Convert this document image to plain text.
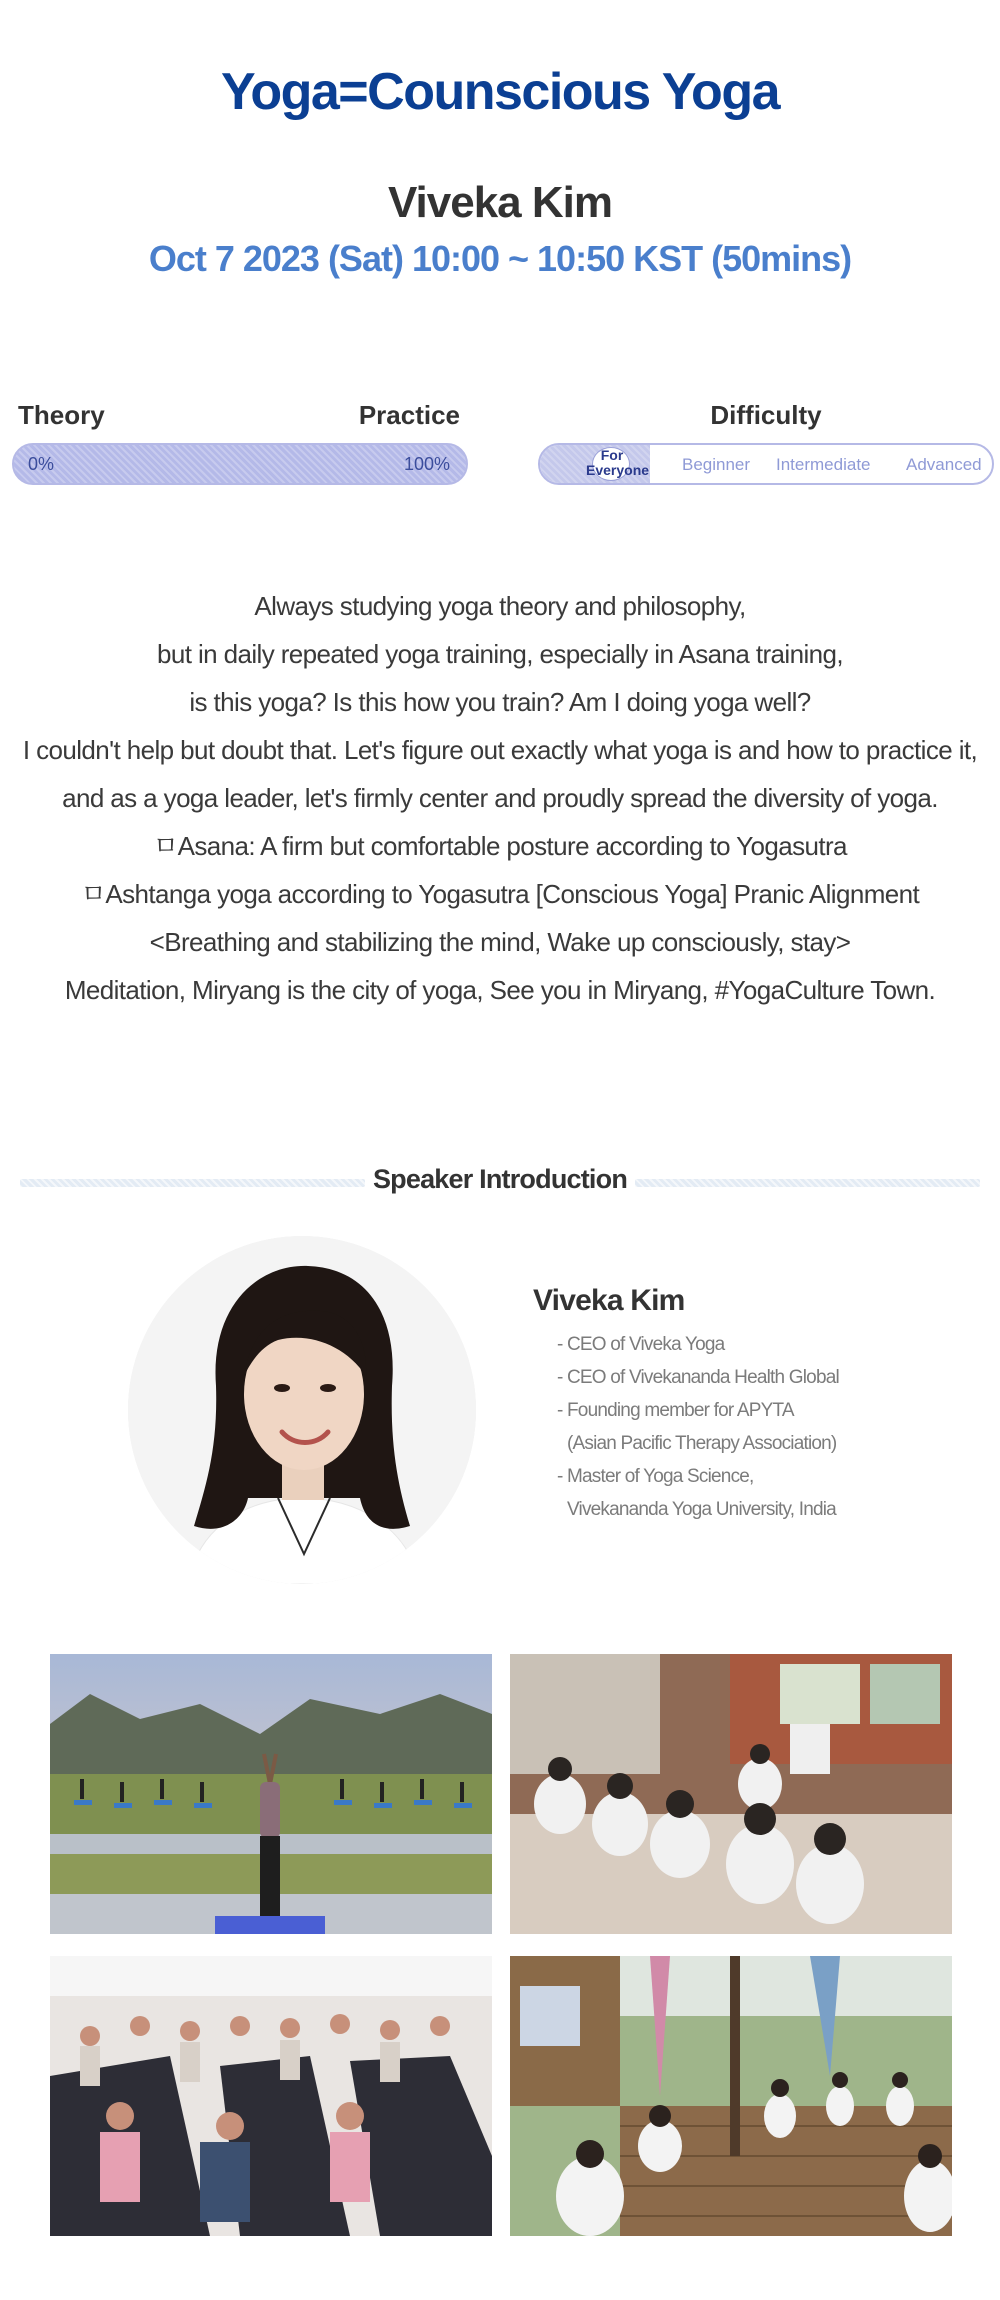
Yoga=Counscious Yoga
Viveka Kim
Oct 7 2023 (Sat) 10:00 ~ 10:50 KST (50mins)
Theory	Practice
0%	100%
Difficulty
For
Everyone Beginner Intermediate Advanced

Always studying yoga theory and philosophy,

but in daily repeated yoga training, especially in Asana training,

is this yoga? Is this how you train? Am I doing yoga well?

I couldn't help but doubt that. Let's figure out exactly what yoga is and how to practice it,

and as a yoga leader, let's firmly center and proudly spread the diversity of yoga.

ㅁAsana: A firm but comfortable posture according to Yogasutra

ㅁAshtanga yoga according to Yogasutra [Conscious Yoga] Pranic Alignment

<Breathing and stabilizing the mind, Wake up consciously, stay>

Meditation, Miryang is the city of yoga, See you in Miryang, #YogaCulture Town.

Speaker Introduction
Viveka Kim
- CEO of Viveka Yoga
- CEO of Vivekananda Health Global
- Founding member for APYTA
(Asian Pacific Therapy Association)
- Master of Yoga Science,
Vivekananda Yoga University, India
